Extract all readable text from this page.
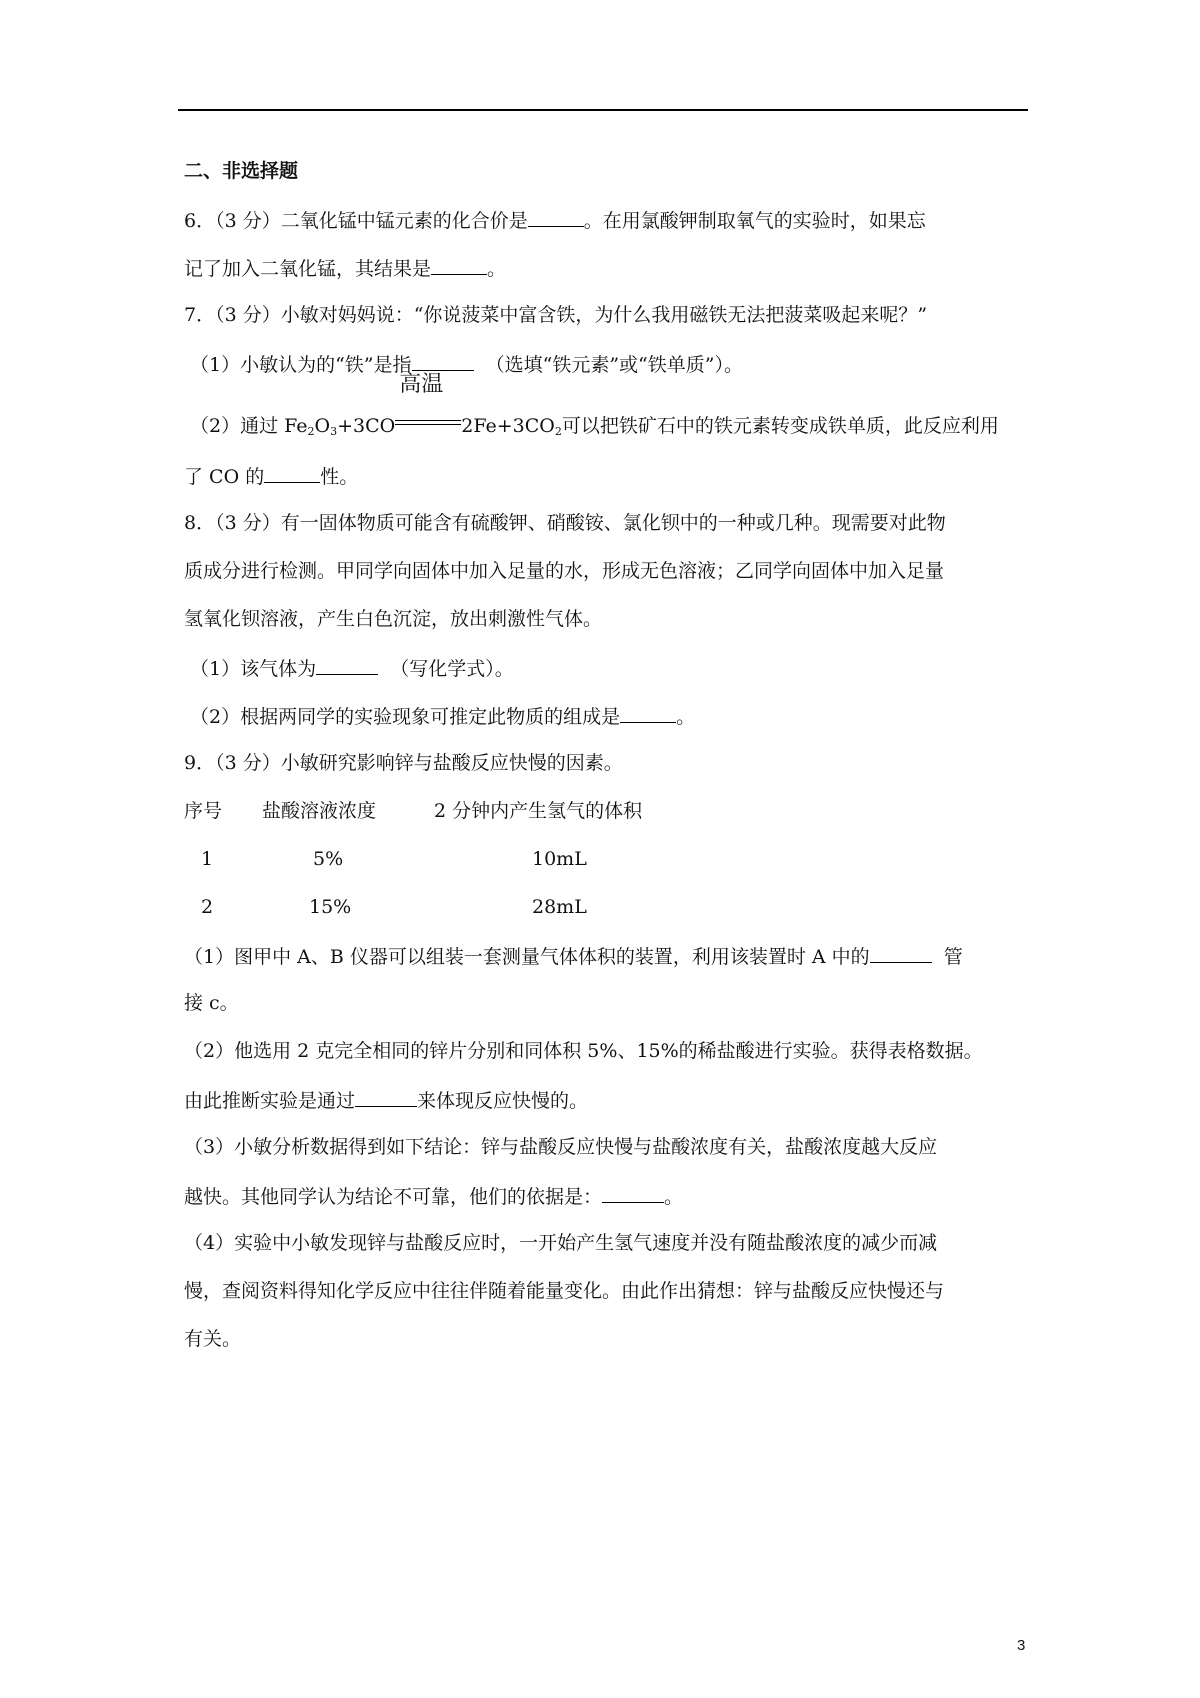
二、非选择题
6．（3 分）二氧化锰中锰元素的化合价是	。在用氯酸钾制取氧气的实验时，如果忘
记了加入二氧化锰，其结果是	。
7．（3 分）小敏对妈妈说：“你说菠菜中富含铁，为什么我用磁铁无法把菠菜吸起来呢？”
（1）小敏认为的“铁”是指	（选填“铁元素”或“铁单质”）。
（2）通过 $Fe_2O_3+3CO$
高温
$2Fe+3CO_2$可以把铁矿石中的铁元素转变成铁单质，此反应利用
了 CO 的	性。
8．（3 分）有一固体物质可能含有硫酸钾、硝酸铵、氯化钡中的一种或几种。现需要对此物
质成分进行检测。甲同学向固体中加入足量的水，形成无色溶液；乙同学向固体中加入足量
氢氧化钡溶液，产生白色沉淀，放出刺激性气体。
（1）该气体为	（写化学式）。
（2）根据两同学的实验现象可推定此物质的组成是	。
9．（3 分）小敏研究影响锌与盐酸反应快慢的因素。
序号 盐酸溶液浓度	2 分钟内产生氢气的体积
1	5%	10mL
2	15%	28mL
（1）图甲中 A、B 仪器可以组装一套测量气体体积的装置，利用该装置时 A 中的	管
接 c。
（2）他选用 2 克完全相同的锌片分别和同体积 5%、15%的稀盐酸进行实验。获得表格数据。
由此推断实验是通过	来体现反应快慢的。
（3）小敏分析数据得到如下结论：锌与盐酸反应快慢与盐酸浓度有关，盐酸浓度越大反应
越快。其他同学认为结论不可靠，他们的依据是：	。
（4）实验中小敏发现锌与盐酸反应时，一开始产生氢气速度并没有随盐酸浓度的减少而减
慢，查阅资料得知化学反应中往往伴随着能量变化。由此作出猜想：锌与盐酸反应快慢还与
有关。
3
